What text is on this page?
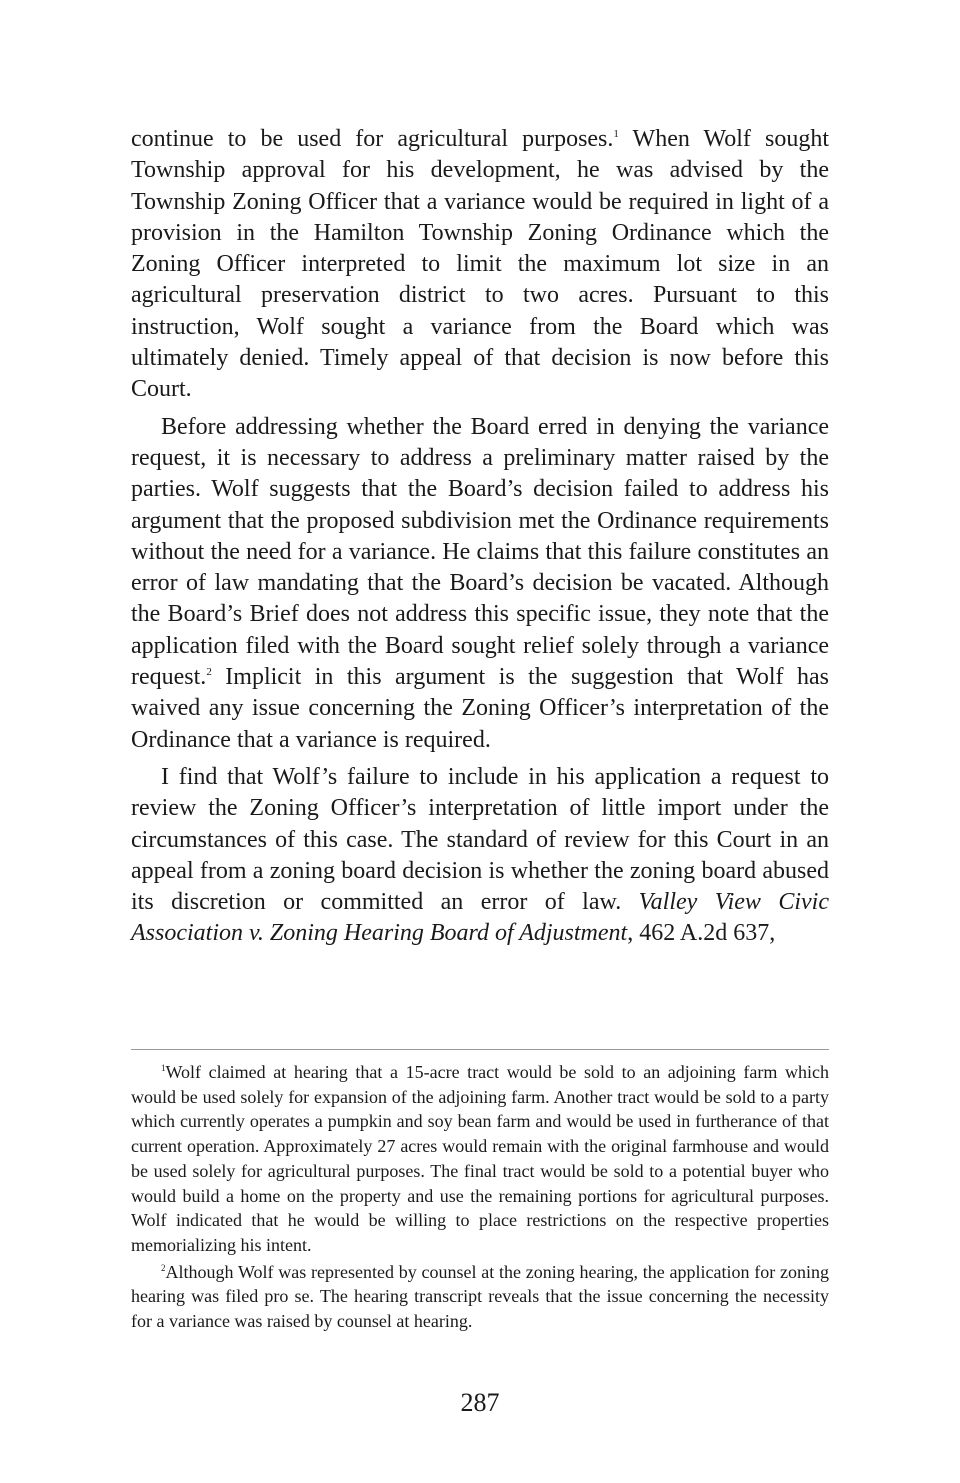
continue to be used for agricultural purposes.$^1$ When Wolf sought Township approval for his development, he was advised by the Township Zoning Officer that a variance would be required in light of a provision in the Hamilton Township Zoning Ordinance which the Zoning Officer interpreted to limit the maximum lot size in an agricultural preservation district to two acres. Pursuant to this instruction, Wolf sought a variance from the Board which was ultimately denied. Timely appeal of that decision is now before this Court.

Before addressing whether the Board erred in denying the variance request, it is necessary to address a preliminary matter raised by the parties. Wolf suggests that the Board’s decision failed to address his argument that the proposed subdivision met the Ordinance requirements without the need for a variance. He claims that this failure constitutes an error of law mandating that the Board’s decision be vacated. Although the Board’s Brief does not address this specific issue, they note that the application filed with the Board sought relief solely through a variance request.$^2$ Implicit in this argument is the suggestion that Wolf has waived any issue concerning the Zoning Officer’s interpretation of the Ordinance that a variance is required.

I find that Wolf’s failure to include in his application a request to review the Zoning Officer’s interpretation of little import under the circumstances of this case. The standard of review for this Court in an appeal from a zoning board decision is whether the zoning board abused its discretion or committed an error of law. Valley View Civic Association v. Zoning Hearing Board of Adjustment, 462 A.2d 637,

$^1$Wolf claimed at hearing that a 15-acre tract would be sold to an adjoining farm which would be used solely for expansion of the adjoining farm. Another tract would be sold to a party which currently operates a pumpkin and soy bean farm and would be used in furtherance of that current operation. Approximately 27 acres would remain with the original farmhouse and would be used solely for agricultural purposes. The final tract would be sold to a potential buyer who would build a home on the property and use the remaining portions for agricultural purposes. Wolf indicated that he would be willing to place restrictions on the respective properties memorializing his intent.

$^2$Although Wolf was represented by counsel at the zoning hearing, the application for zoning hearing was filed pro se. The hearing transcript reveals that the issue concerning the necessity for a variance was raised by counsel at hearing.

287
